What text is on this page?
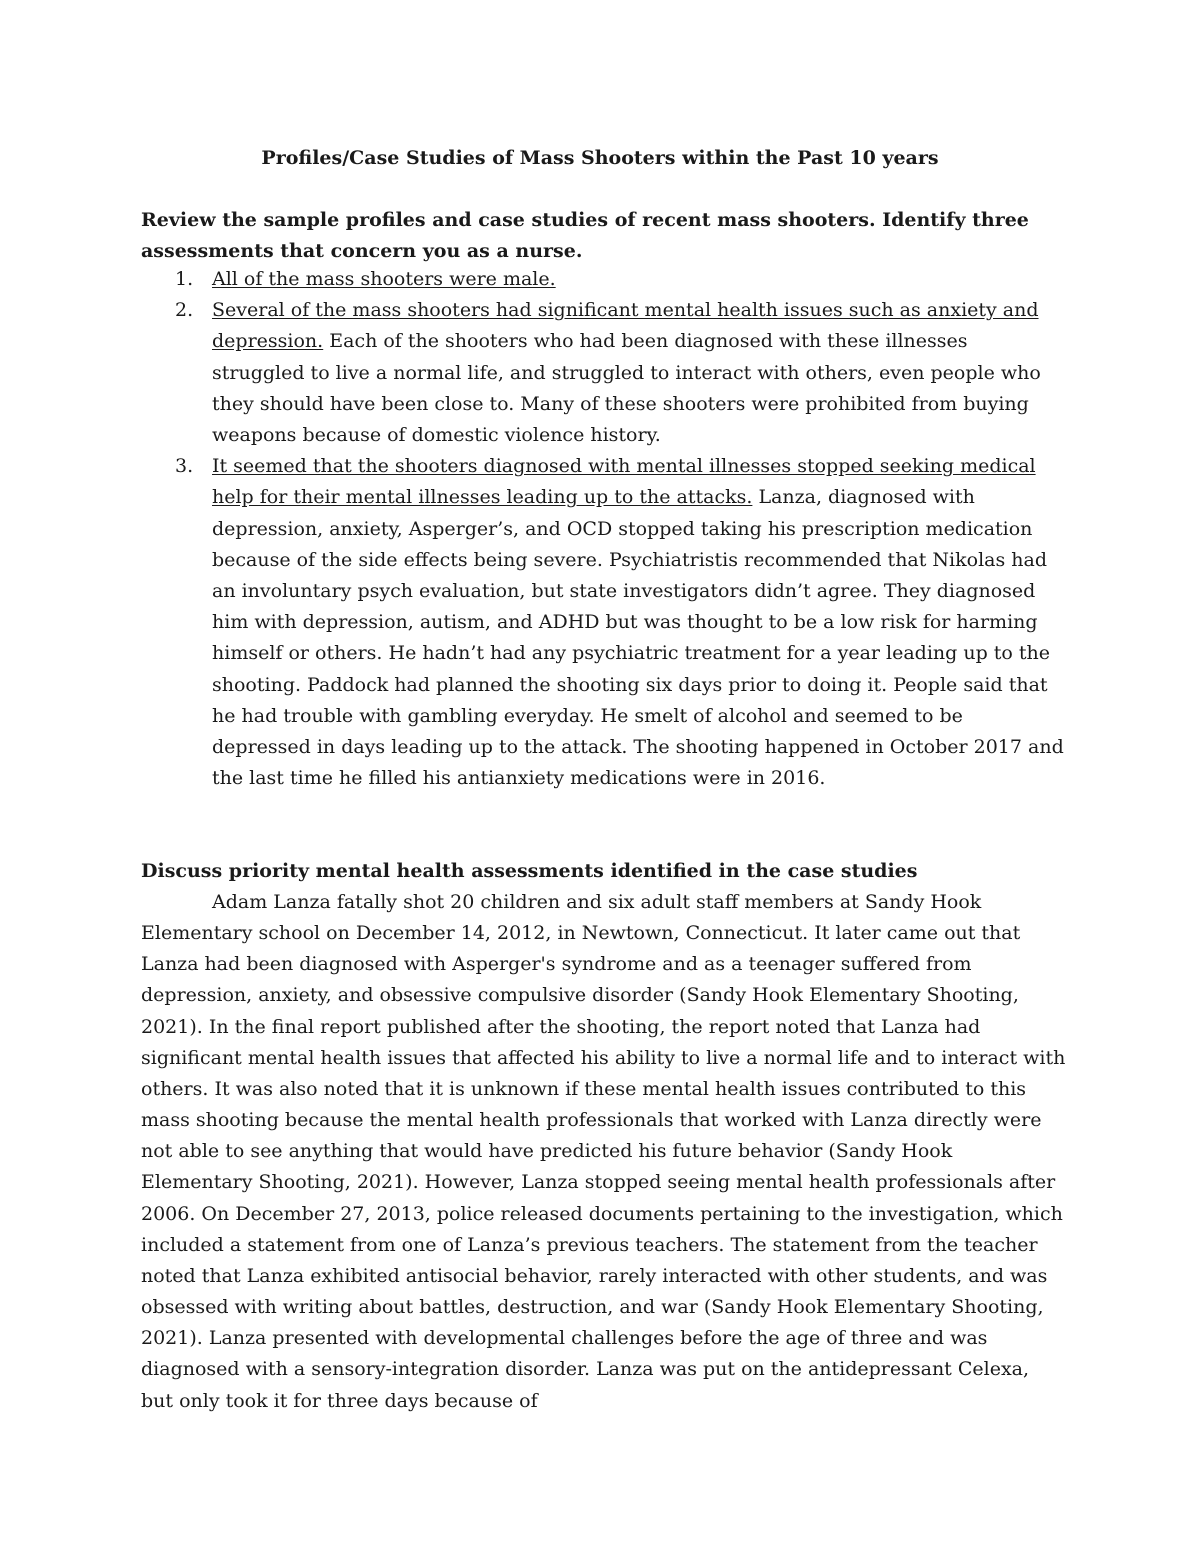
Profiles/Case Studies of Mass Shooters within the Past 10 years

Review the sample profiles and case studies of recent mass shooters. Identify three assessments that concern you as a nurse.

1. All of the mass shooters were male.
2. Several of the mass shooters had significant mental health issues such as anxiety and depression. Each of the shooters who had been diagnosed with these illnesses struggled to live a normal life, and struggled to interact with others, even people who they should have been close to. Many of these shooters were prohibited from buying weapons because of domestic violence history.
3. It seemed that the shooters diagnosed with mental illnesses stopped seeking medical help for their mental illnesses leading up to the attacks. Lanza, diagnosed with depression, anxiety, Asperger’s, and OCD stopped taking his prescription medication because of the side effects being severe. Psychiatristis recommended that Nikolas had an involuntary psych evaluation, but state investigators didn’t agree. They diagnosed him with depression, autism, and ADHD but was thought to be a low risk for harming himself or others. He hadn’t had any psychiatric treatment for a year leading up to the shooting. Paddock had planned the shooting six days prior to doing it. People said that he had trouble with gambling everyday. He smelt of alcohol and seemed to be depressed in days leading up to the attack. The shooting happened in October 2017 and the last time he filled his antianxiety medications were in 2016.
Discuss priority mental health assessments identified in the case studies

Adam Lanza fatally shot 20 children and six adult staff members at Sandy Hook Elementary school on December 14, 2012, in Newtown, Connecticut. It later came out that Lanza had been diagnosed with Asperger's syndrome and as a teenager suffered from depression, anxiety, and obsessive compulsive disorder (Sandy Hook Elementary Shooting, 2021). In the final report published after the shooting, the report noted that Lanza had significant mental health issues that affected his ability to live a normal life and to interact with others. It was also noted that it is unknown if these mental health issues contributed to this mass shooting because the mental health professionals that worked with Lanza directly were not able to see anything that would have predicted his future behavior (Sandy Hook Elementary Shooting, 2021). However, Lanza stopped seeing mental health professionals after 2006. On December 27, 2013, police released documents pertaining to the investigation, which included a statement from one of Lanza’s previous teachers. The statement from the teacher noted that Lanza exhibited antisocial behavior, rarely interacted with other students, and was obsessed with writing about battles, destruction, and war (Sandy Hook Elementary Shooting, 2021). Lanza presented with developmental challenges before the age of three and was diagnosed with a sensory-integration disorder. Lanza was put on the antidepressant Celexa, but only took it for three days because of
